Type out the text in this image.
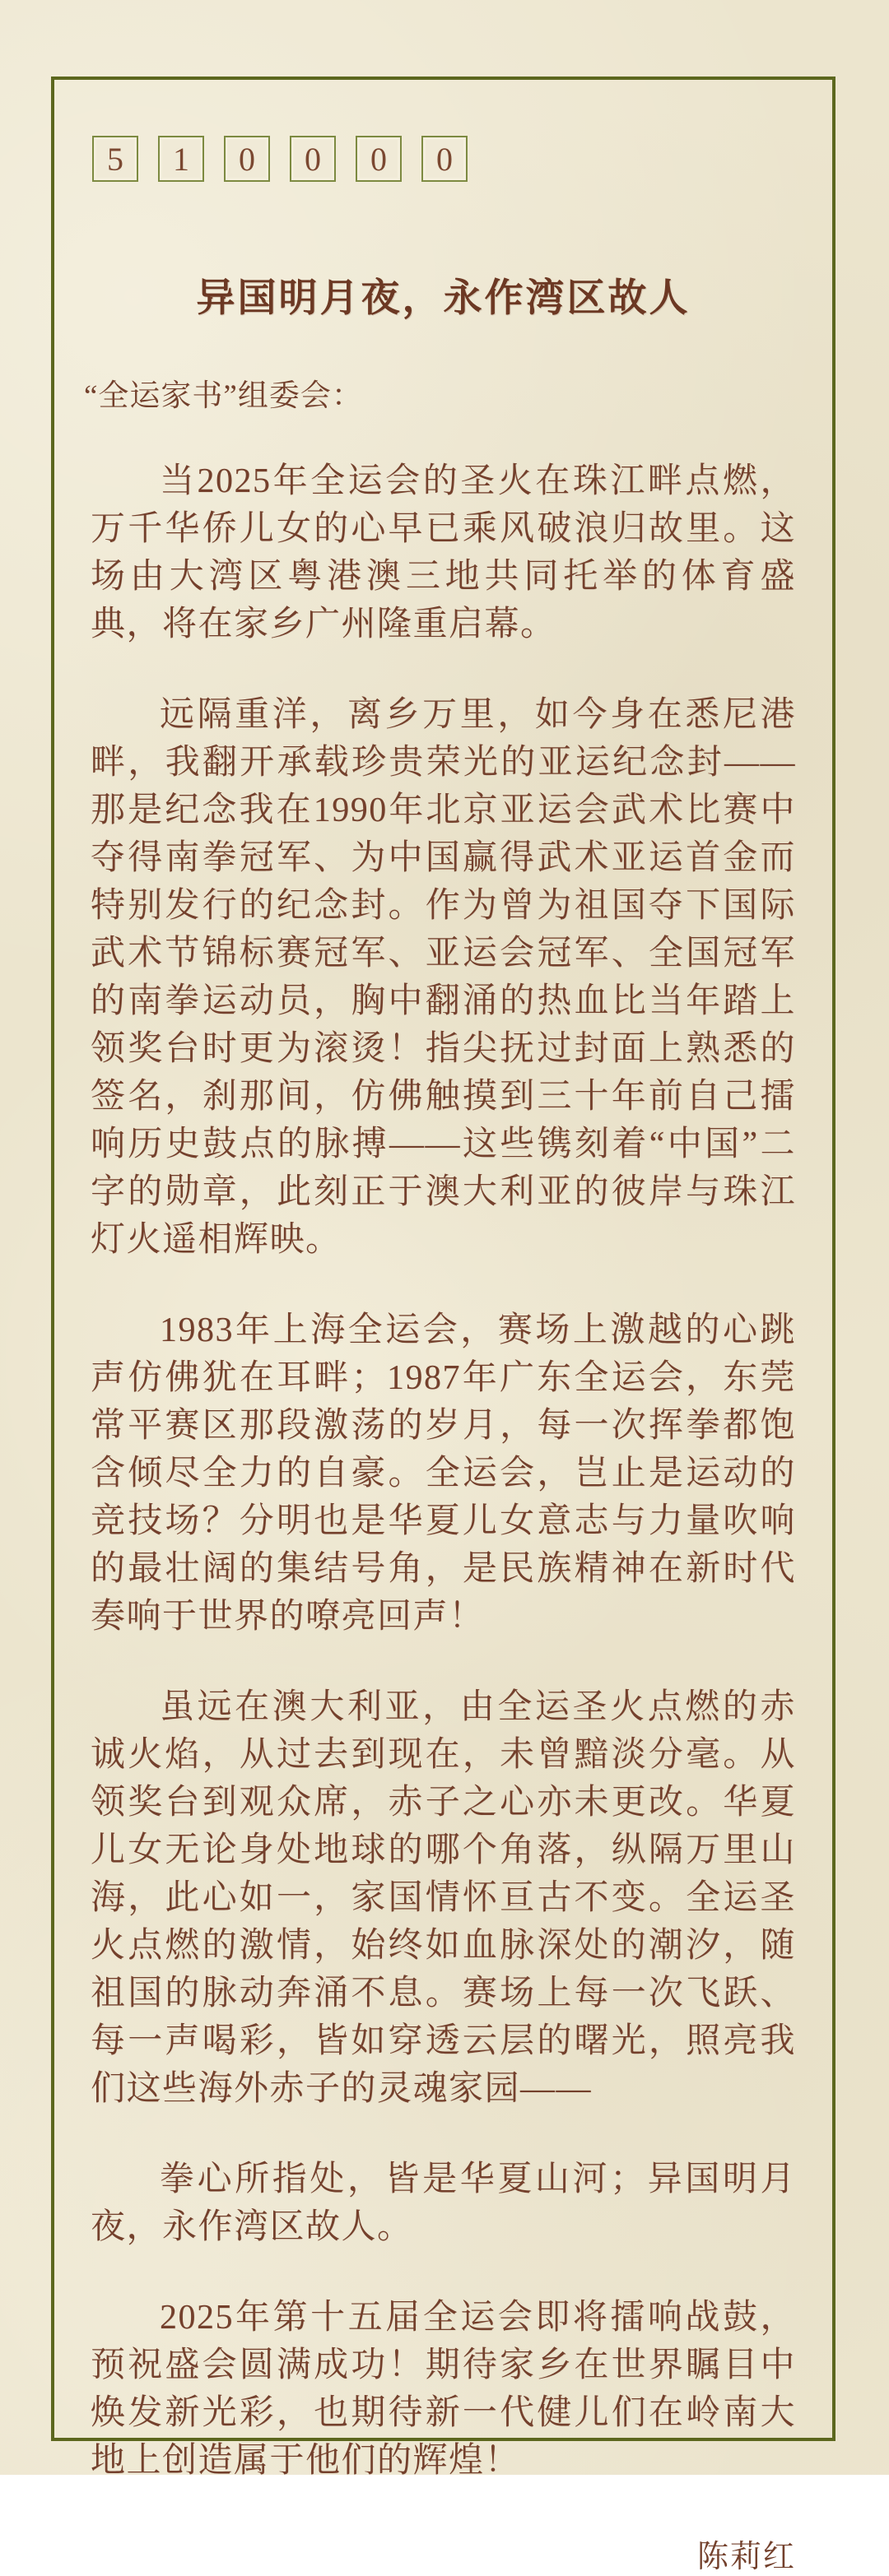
5	1	0	0	0	0
异国明月夜，永作湾区故人
“全运家书”组委会：

当2025年全运会的圣火在珠江畔点燃，万千华侨儿女的心早已乘风破浪归故里。这场由大湾区粤港澳三地共同托举的体育盛典，将在家乡广州隆重启幕。

远隔重洋，离乡万里，如今身在悉尼港畔，我翻开承载珍贵荣光的亚运纪念封——那是纪念我在1990年北京亚运会武术比赛中夺得南拳冠军、为中国赢得武术亚运首金而特别发行的纪念封。作为曾为祖国夺下国际武术节锦标赛冠军、亚运会冠军、全国冠军的南拳运动员，胸中翻涌的热血比当年踏上领奖台时更为滚烫！指尖抚过封面上熟悉的签名，刹那间，仿佛触摸到三十年前自己擂响历史鼓点的脉搏——这些镌刻着“中国”二字的勋章，此刻正于澳大利亚的彼岸与珠江灯火遥相辉映。

1983年上海全运会，赛场上激越的心跳声仿佛犹在耳畔；1987年广东全运会，东莞常平赛区那段激荡的岁月，每一次挥拳都饱含倾尽全力的自豪。全运会，岂止是运动的竞技场？分明也是华夏儿女意志与力量吹响的最壮阔的集结号角，是民族精神在新时代奏响于世界的嘹亮回声！

虽远在澳大利亚，由全运圣火点燃的赤诚火焰，从过去到现在，未曾黯淡分毫。从领奖台到观众席，赤子之心亦未更改。华夏儿女无论身处地球的哪个角落，纵隔万里山海，此心如一，家国情怀亘古不变。全运圣火点燃的激情，始终如血脉深处的潮汐，随祖国的脉动奔涌不息。赛场上每一次飞跃、每一声喝彩，皆如穿透云层的曙光，照亮我们这些海外赤子的灵魂家园——

拳心所指处，皆是华夏山河；异国明月夜，永作湾区故人。

2025年第十五届全运会即将擂响战鼓，预祝盛会圆满成功！期待家乡在世界瞩目中焕发新光彩，也期待新一代健儿们在岭南大地上创造属于他们的辉煌！

陈莉红
